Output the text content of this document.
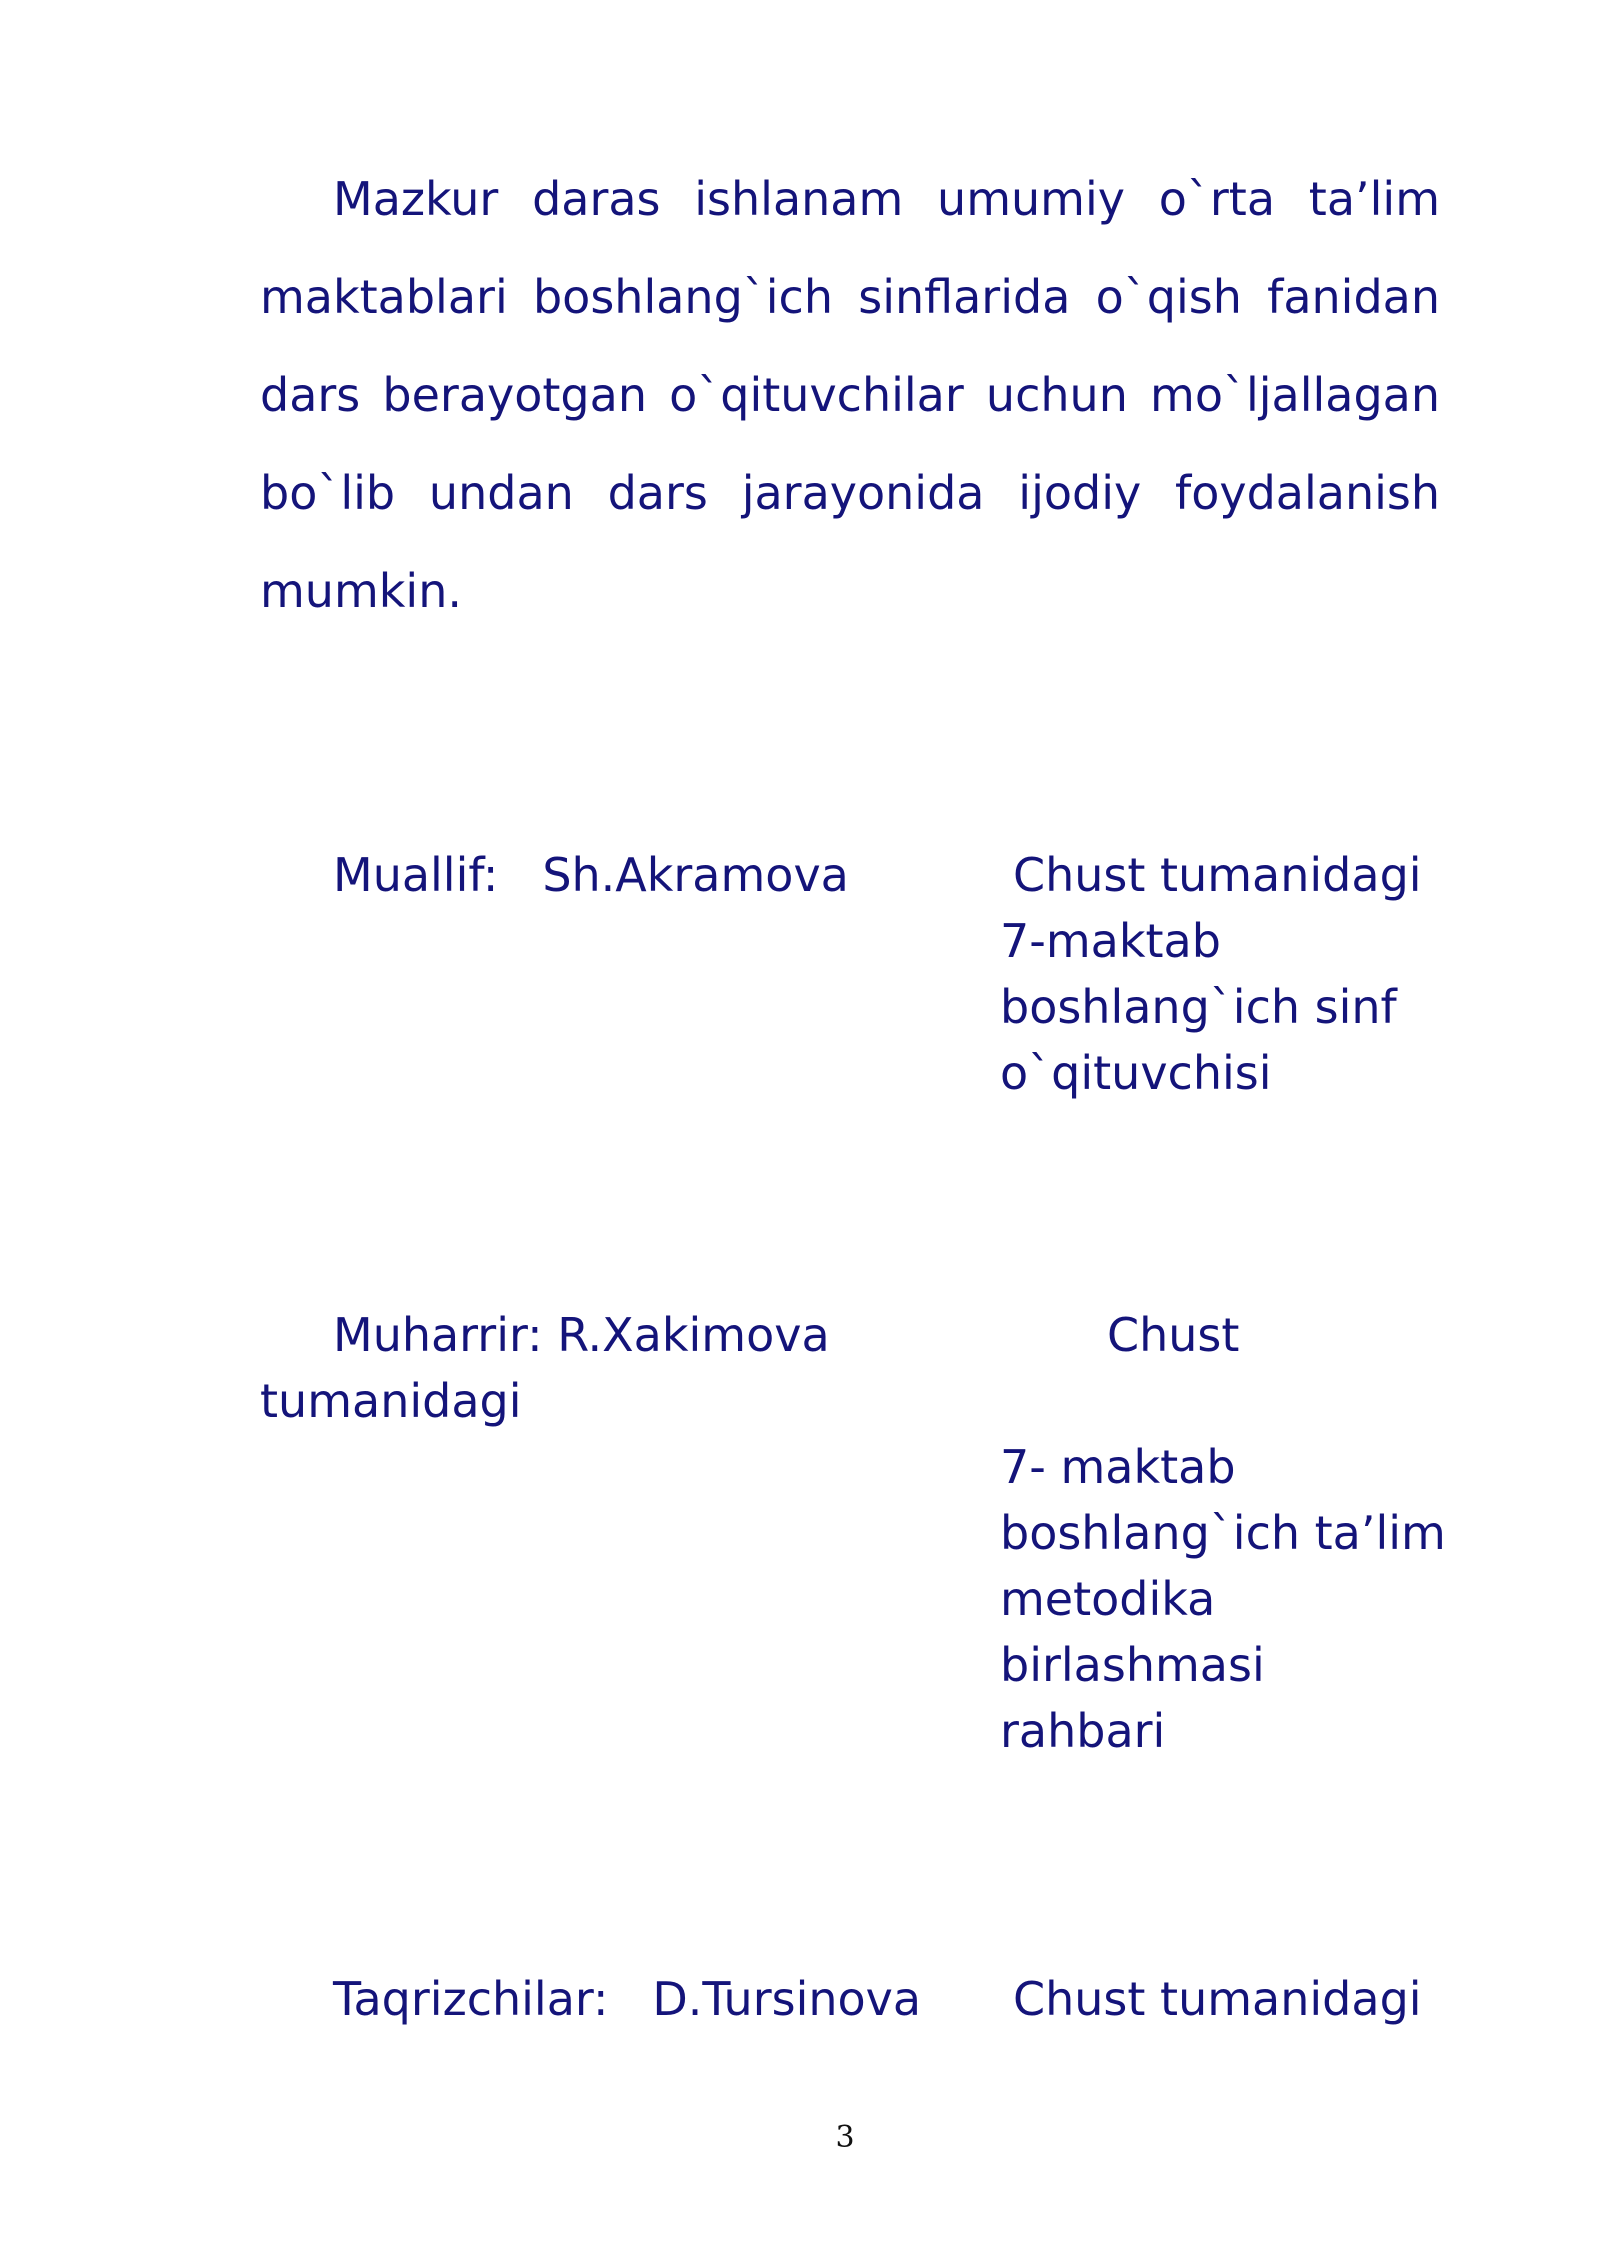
Mazkur daras ishlanam umumiy o`rta ta’lim maktablari boshlang`ich sinflarida o`qish fanidan dars berayotgan o`qituvchilar uchun mo`ljallagan bo`lib undan dars jarayonida ijodiy foydalanish mumkin.

Muallif: Sh.Akramova	Chust tumanidagi
7-maktab
boshlang`ich sinf
o`qituvchisi
Muharrir: R.Xakimova	Chust
tumanidagi
7- maktab
boshlang`ich ta’lim
metodika
birlashmasi
rahbari
Taqrizchilar: D.Tursinova Chust tumanidagi
3
